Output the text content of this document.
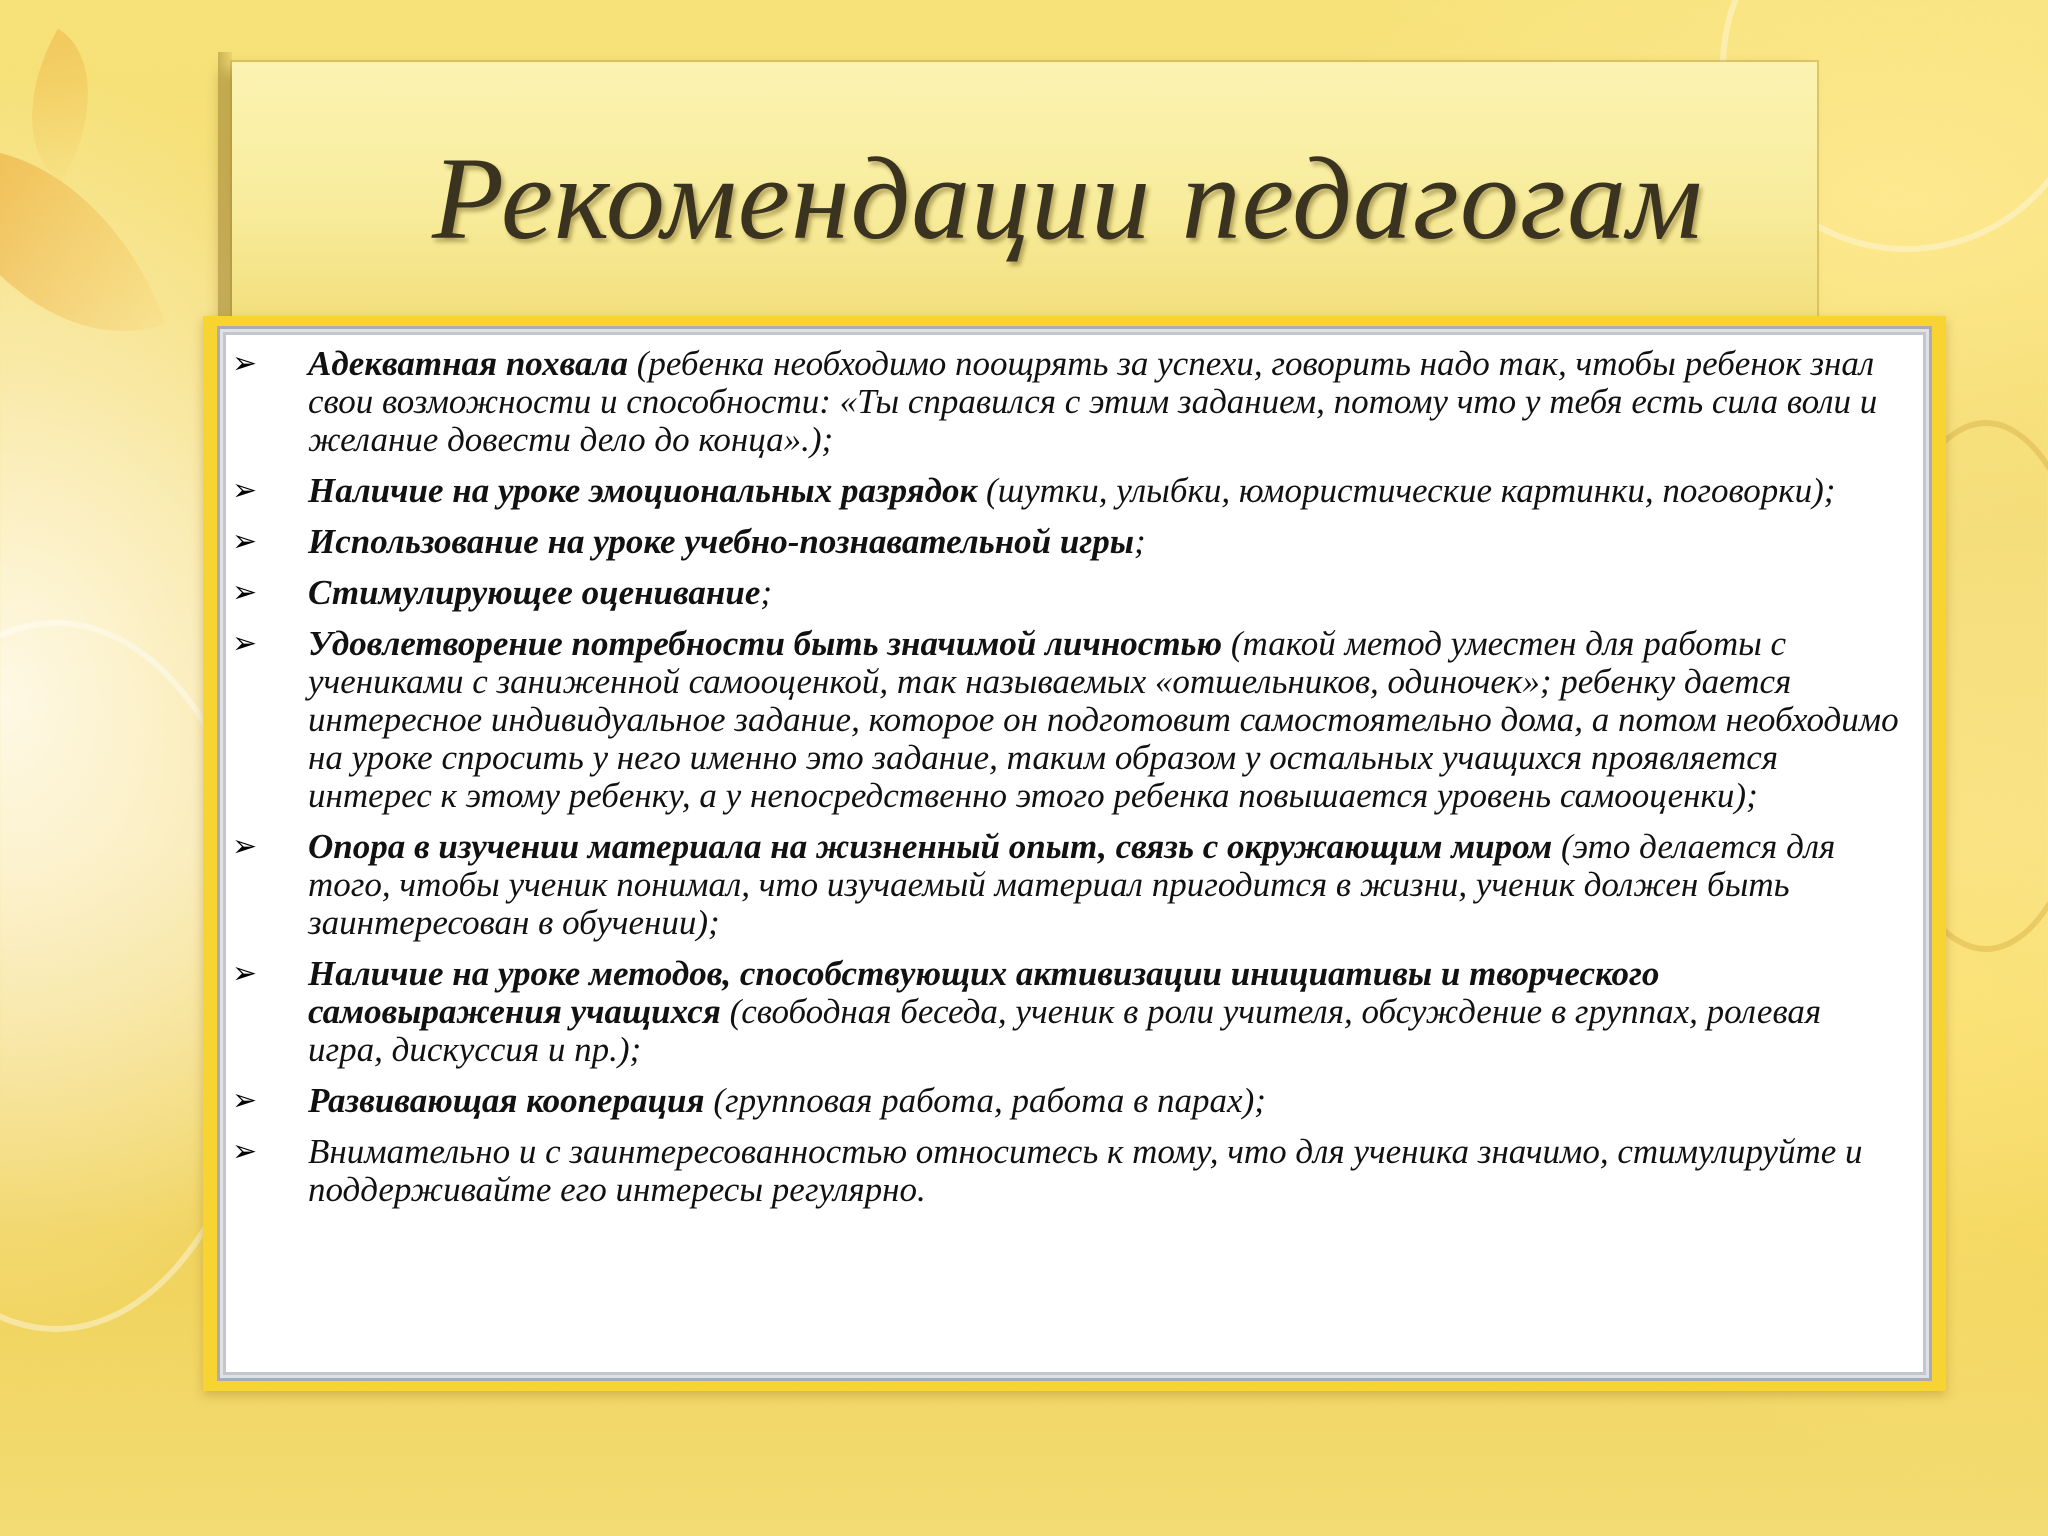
Рекомендации педагогам
➢ Адекватная похвала (ребенка необходимо поощрять за успехи, говорить надо так, чтобы ребенок знал свои возможности и способности: «Ты справился с этим заданием, потому что у тебя есть сила воли и желание довести дело до конца».);
➢ Наличие на уроке эмоциональных разрядок (шутки, улыбки, юмористические картинки, поговорки);
➢ Использование на уроке учебно-познавательной игры;
➢ Стимулирующее оценивание;
➢ Удовлетворение потребности быть значимой личностью (такой метод уместен для работы с учениками с заниженной самооценкой, так называемых «отшельников, одиночек»; ребенку дается интересное индивидуальное задание, которое он подготовит самостоятельно дома, а потом необходимо на уроке спросить у него именно это задание, таким образом у остальных учащихся проявляется интерес к этому ребенку, а у непосредственно этого ребенка повышается уровень самооценки);
➢ Опора в изучении материала на жизненный опыт, связь с окружающим миром (это делается для того, чтобы ученик понимал, что изучаемый материал пригодится в жизни, ученик должен быть заинтересован в обучении);
➢ Наличие на уроке методов, способствующих активизации инициативы и творческого самовыражения учащихся (свободная беседа, ученик в роли учителя, обсуждение в группах, ролевая игра, дискуссия и пр.);
➢ Развивающая кооперация (групповая работа, работа в парах);
➢ Внимательно и с заинтересованностью относитесь к тому, что для ученика значимо, стимулируйте и поддерживайте его интересы регулярно.
